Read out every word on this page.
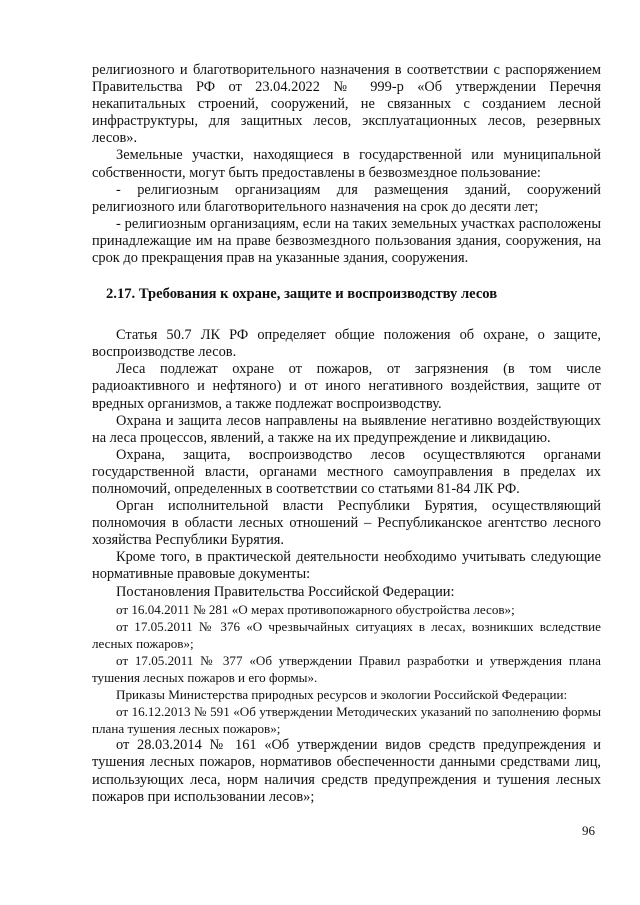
религиозного и благотворительного назначения в соответствии с распоряжением Правительства РФ от 23.04.2022 № 999-р «Об утверждении Перечня некапитальных строений, сооружений, не связанных с созданием лесной инфраструктуры, для защитных лесов, эксплуатационных лесов, резервных лесов».

Земельные участки, находящиеся в государственной или муниципальной собственности, могут быть предоставлены в безвозмездное пользование:

- религиозным организациям для размещения зданий, сооружений религиозного или благотворительного назначения на срок до десяти лет;

- религиозным организациям, если на таких земельных участках расположены принадлежащие им на праве безвозмездного пользования здания, сооружения, на срок до прекращения прав на указанные здания, сооружения.

2.17. Требования к охране, защите и воспроизводству лесов

Статья 50.7 ЛК РФ определяет общие положения об охране, о защите, воспроизводстве лесов.

Леса подлежат охране от пожаров, от загрязнения (в том числе радиоактивного и нефтяного) и от иного негативного воздействия, защите от вредных организмов, а также подлежат воспроизводству.

Охрана и защита лесов направлены на выявление негативно воздействующих на леса процессов, явлений, а также на их предупреждение и ликвидацию.

Охрана, защита, воспроизводство лесов осуществляются органами государственной власти, органами местного самоуправления в пределах их полномочий, определенных в соответствии со статьями 81-84 ЛК РФ.

Орган исполнительной власти Республики Бурятия, осуществляющий полномочия в области лесных отношений – Республиканское агентство лесного хозяйства Республики Бурятия.

Кроме того, в практической деятельности необходимо учитывать следующие нормативные правовые документы:

Постановления Правительства Российской Федерации:

от 16.04.2011 № 281 «О мерах противопожарного обустройства лесов»;

от 17.05.2011 № 376 «О чрезвычайных ситуациях в лесах, возникших вследствие лесных пожаров»;

от 17.05.2011 № 377 «Об утверждении Правил разработки и утверждения плана тушения лесных пожаров и его формы».

Приказы Министерства природных ресурсов и экологии Российской Федерации:

от 16.12.2013 № 591 «Об утверждении Методических указаний по заполнению формы плана тушения лесных пожаров»;

от 28.03.2014 № 161 «Об утверждении видов средств предупреждения и тушения лесных пожаров, нормативов обеспеченности данными средствами лиц, использующих леса, норм наличия средств предупреждения и тушения лесных пожаров при использовании лесов»;

96
